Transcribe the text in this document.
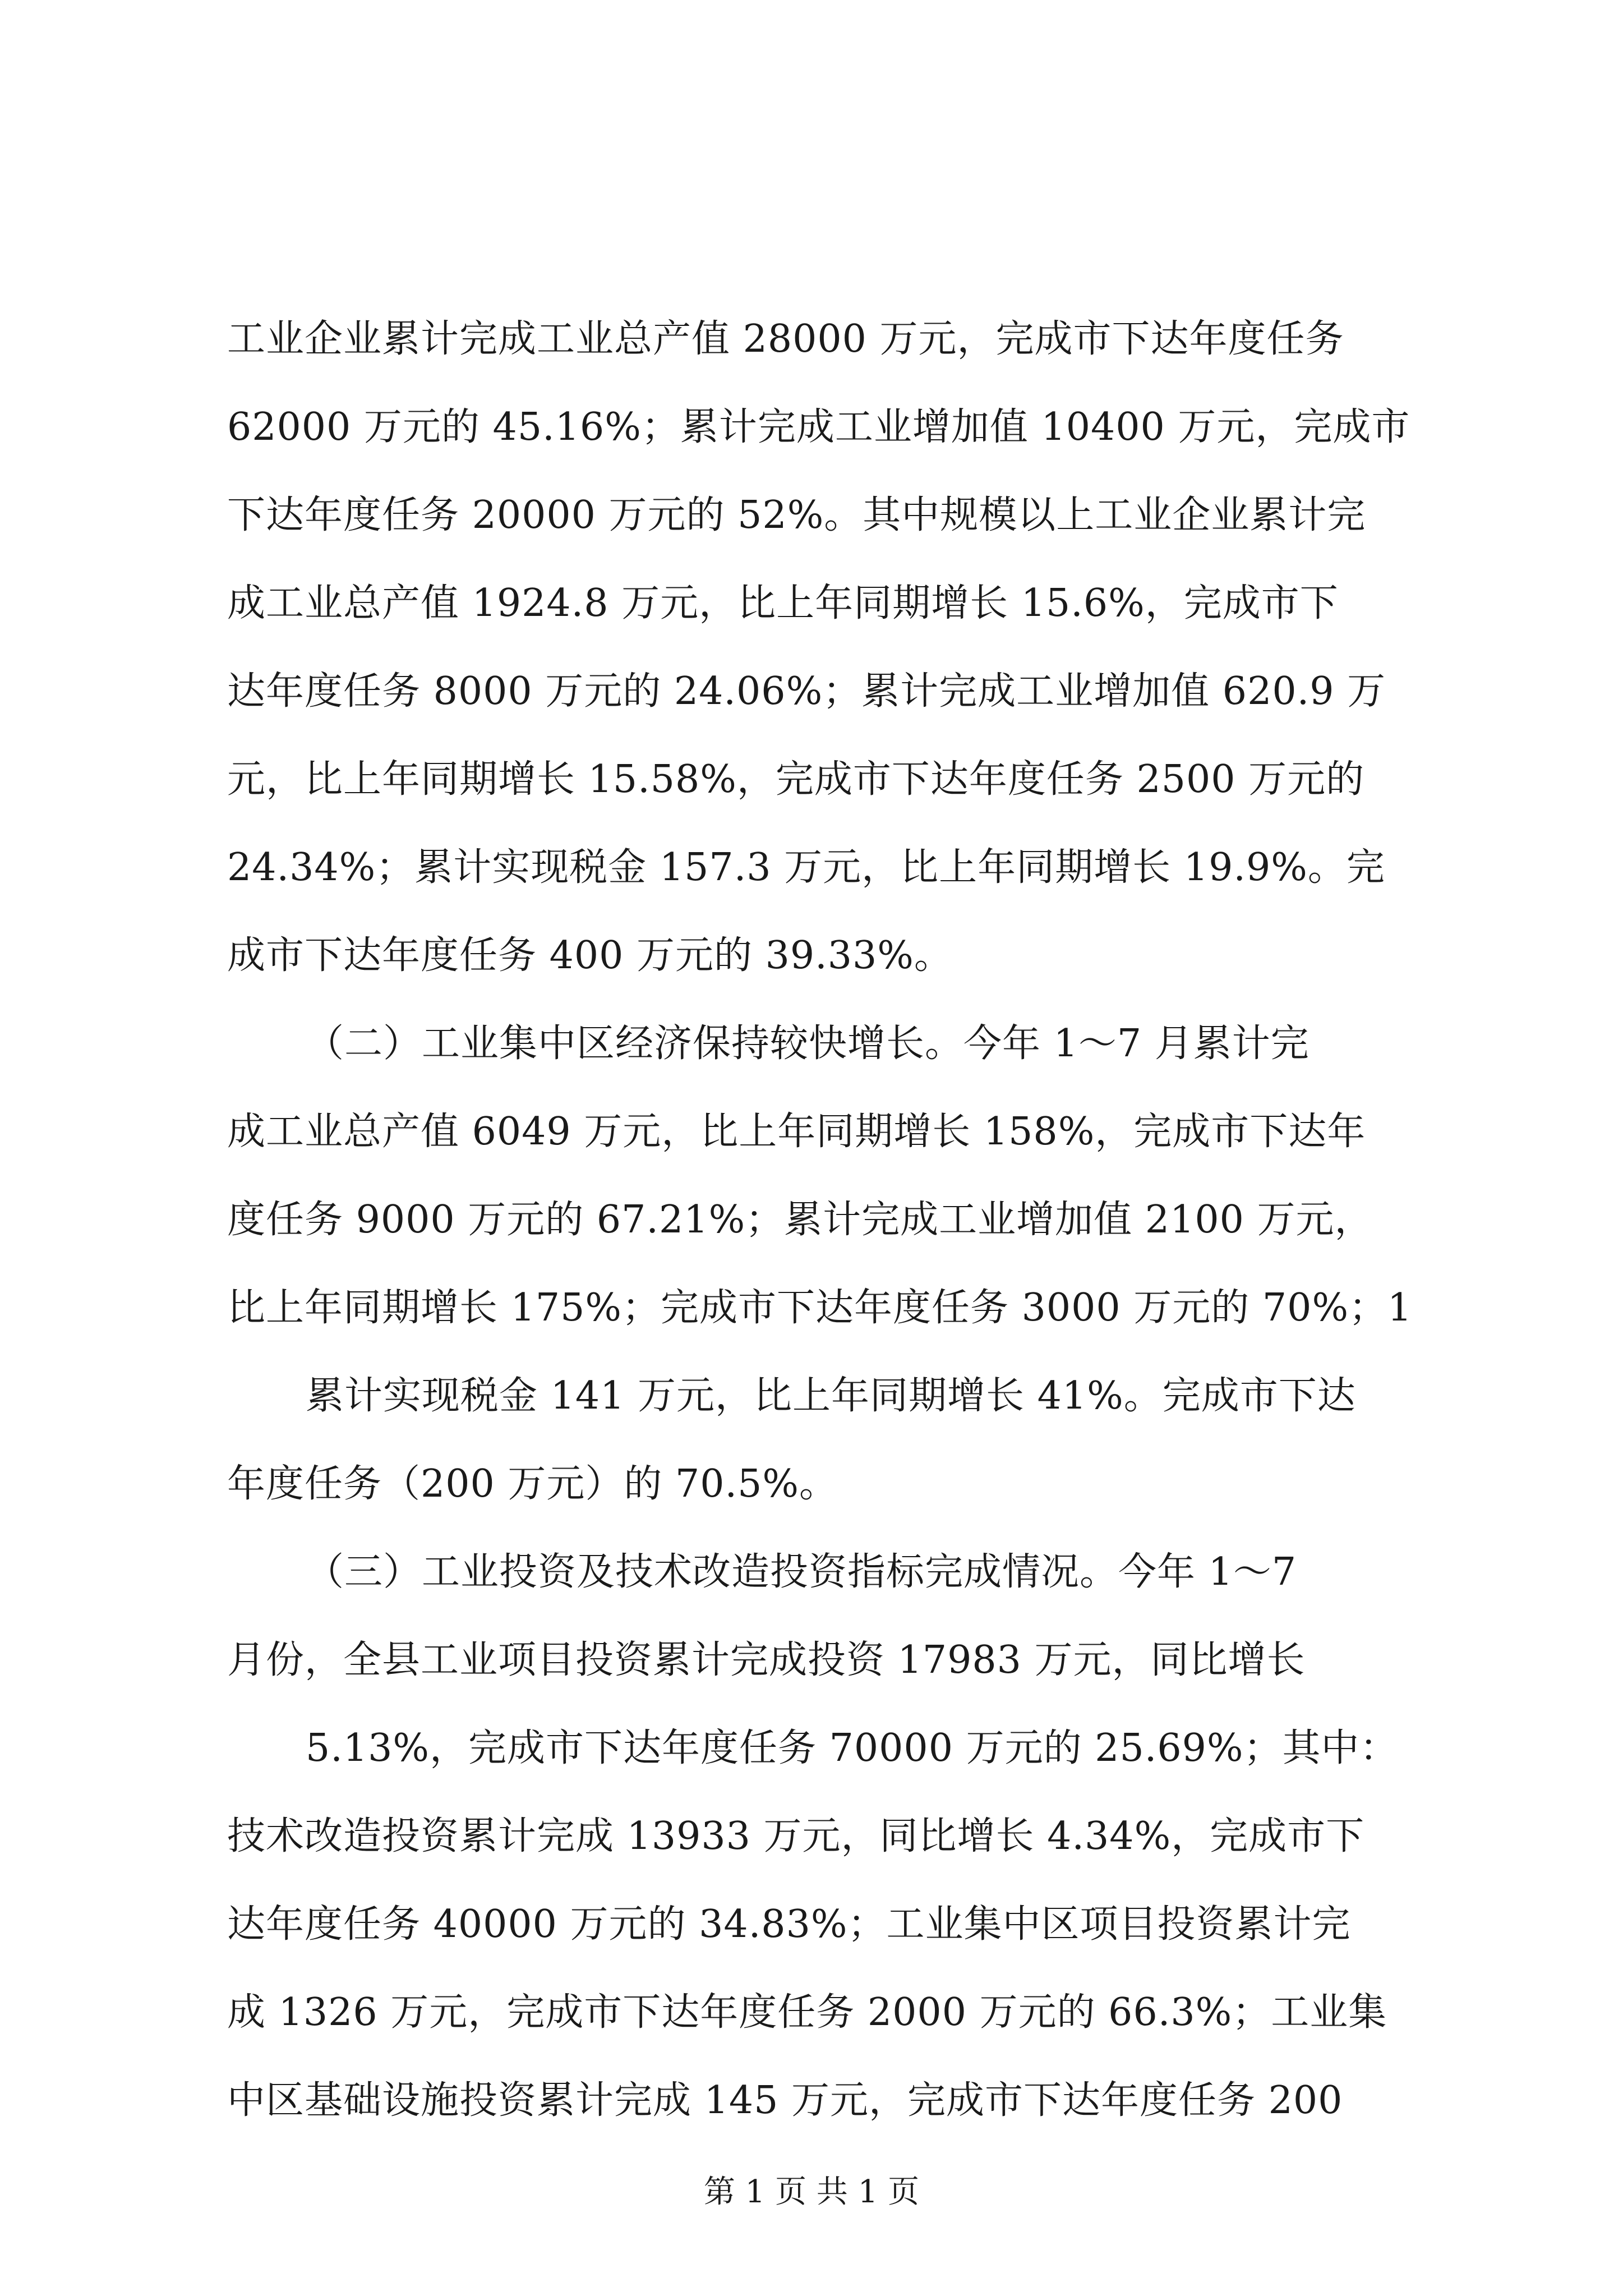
工业企业累计完成工业总产值 28000 万元，完成市下达年度任务
62000 万元的 45.16%；累计完成工业增加值 10400 万元，完成市
下达年度任务 20000 万元的 52%。其中规模以上工业企业累计完
成工业总产值 1924.8 万元，比上年同期增长 15.6%，完成市下
达年度任务 8000 万元的 24.06%；累计完成工业增加值 620.9 万
元，比上年同期增长 15.58%，完成市下达年度任务 2500 万元的
24.34%；累计实现税金 157.3 万元，比上年同期增长 19.9%。完
成市下达年度任务 400 万元的 39.33%。
（二）工业集中区经济保持较快增长。今年 1～7 月累计完
成工业总产值 6049 万元，比上年同期增长 158%，完成市下达年
度任务 9000 万元的 67.21%；累计完成工业增加值 2100 万元，
比上年同期增长 175%；完成市下达年度任务 3000 万元的 70%；1
累计实现税金 141 万元，比上年同期增长 41%。完成市下达
年度任务（200 万元）的 70.5%。
（三）工业投资及技术改造投资指标完成情况。今年 1～7
月份，全县工业项目投资累计完成投资 17983 万元，同比增长
5.13%，完成市下达年度任务 70000 万元的 25.69%；其中：
技术改造投资累计完成 13933 万元，同比增长 4.34%，完成市下
达年度任务 40000 万元的 34.83%；工业集中区项目投资累计完
成 1326 万元，完成市下达年度任务 2000 万元的 66.3%；工业集
中区基础设施投资累计完成 145 万元，完成市下达年度任务 200
第 1 页 共 1 页
